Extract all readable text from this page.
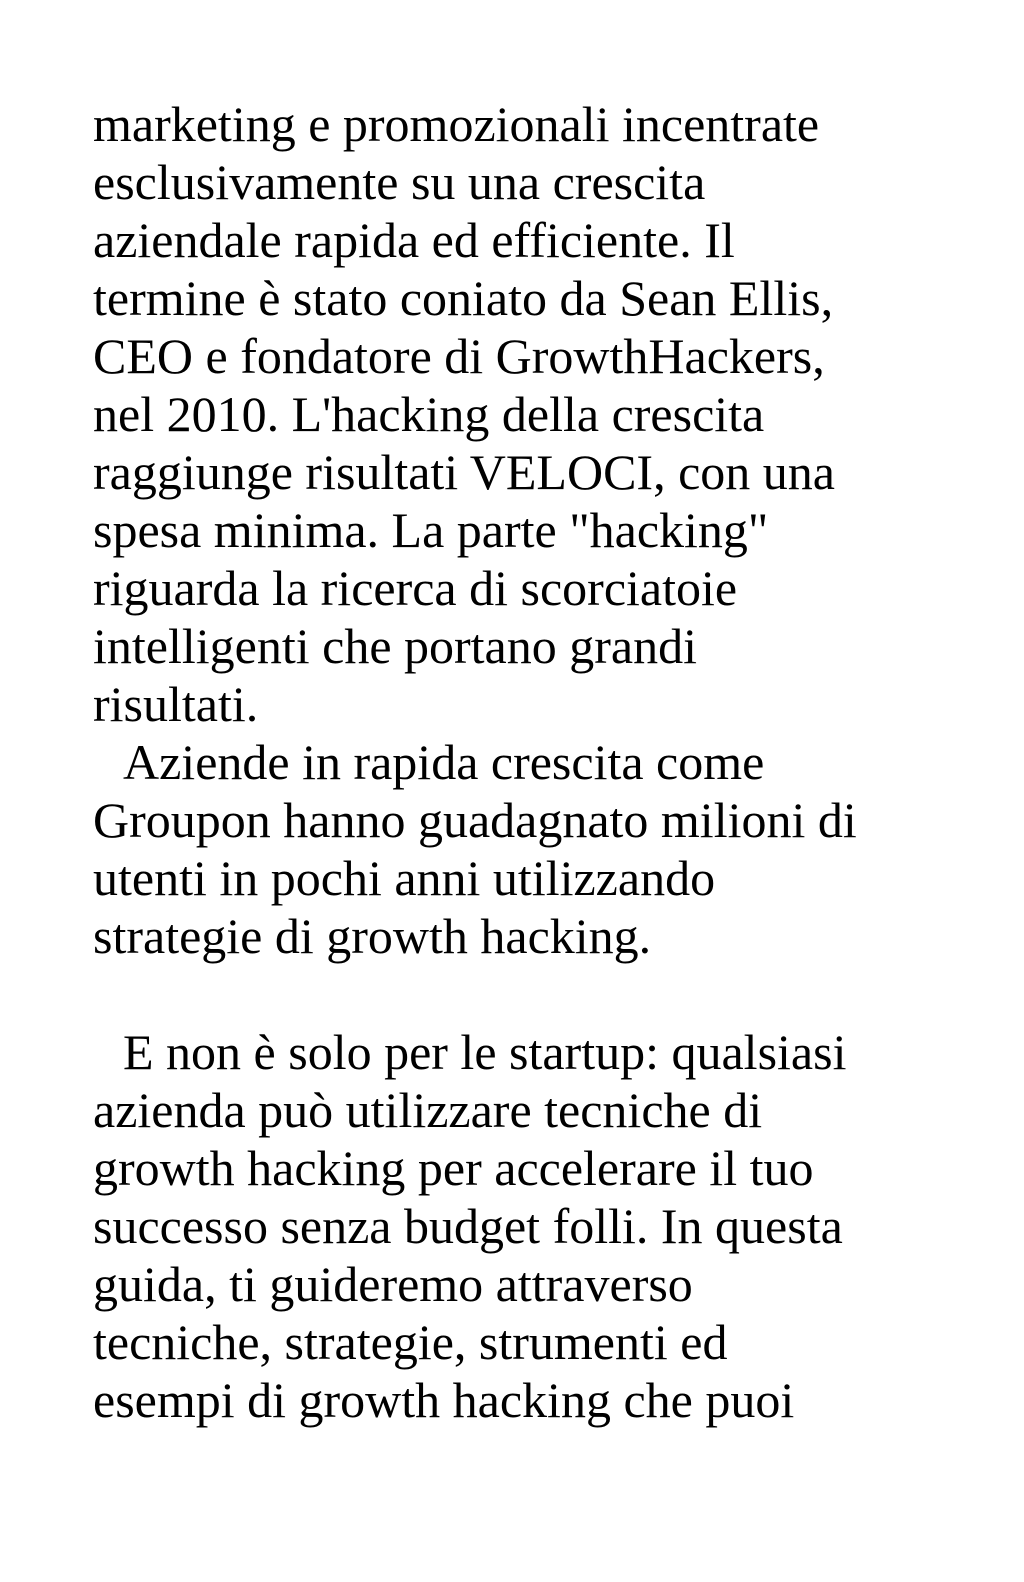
marketing e promozionali incentrate
esclusivamente su una crescita
aziendale rapida ed efficiente. Il
termine è stato coniato da Sean Ellis,
CEO e fondatore di GrowthHackers,
nel 2010. L'hacking della crescita
raggiunge risultati VELOCI, con una
spesa minima. La parte "hacking"
riguarda la ricerca di scorciatoie
intelligenti che portano grandi
risultati.
Aziende in rapida crescita come
Groupon hanno guadagnato milioni di
utenti in pochi anni utilizzando
strategie di growth hacking.
E non è solo per le startup: qualsiasi
azienda può utilizzare tecniche di
growth hacking per accelerare il tuo
successo senza budget folli. In questa
guida, ti guideremo attraverso
tecniche, strategie, strumenti ed
esempi di growth hacking che puoi
